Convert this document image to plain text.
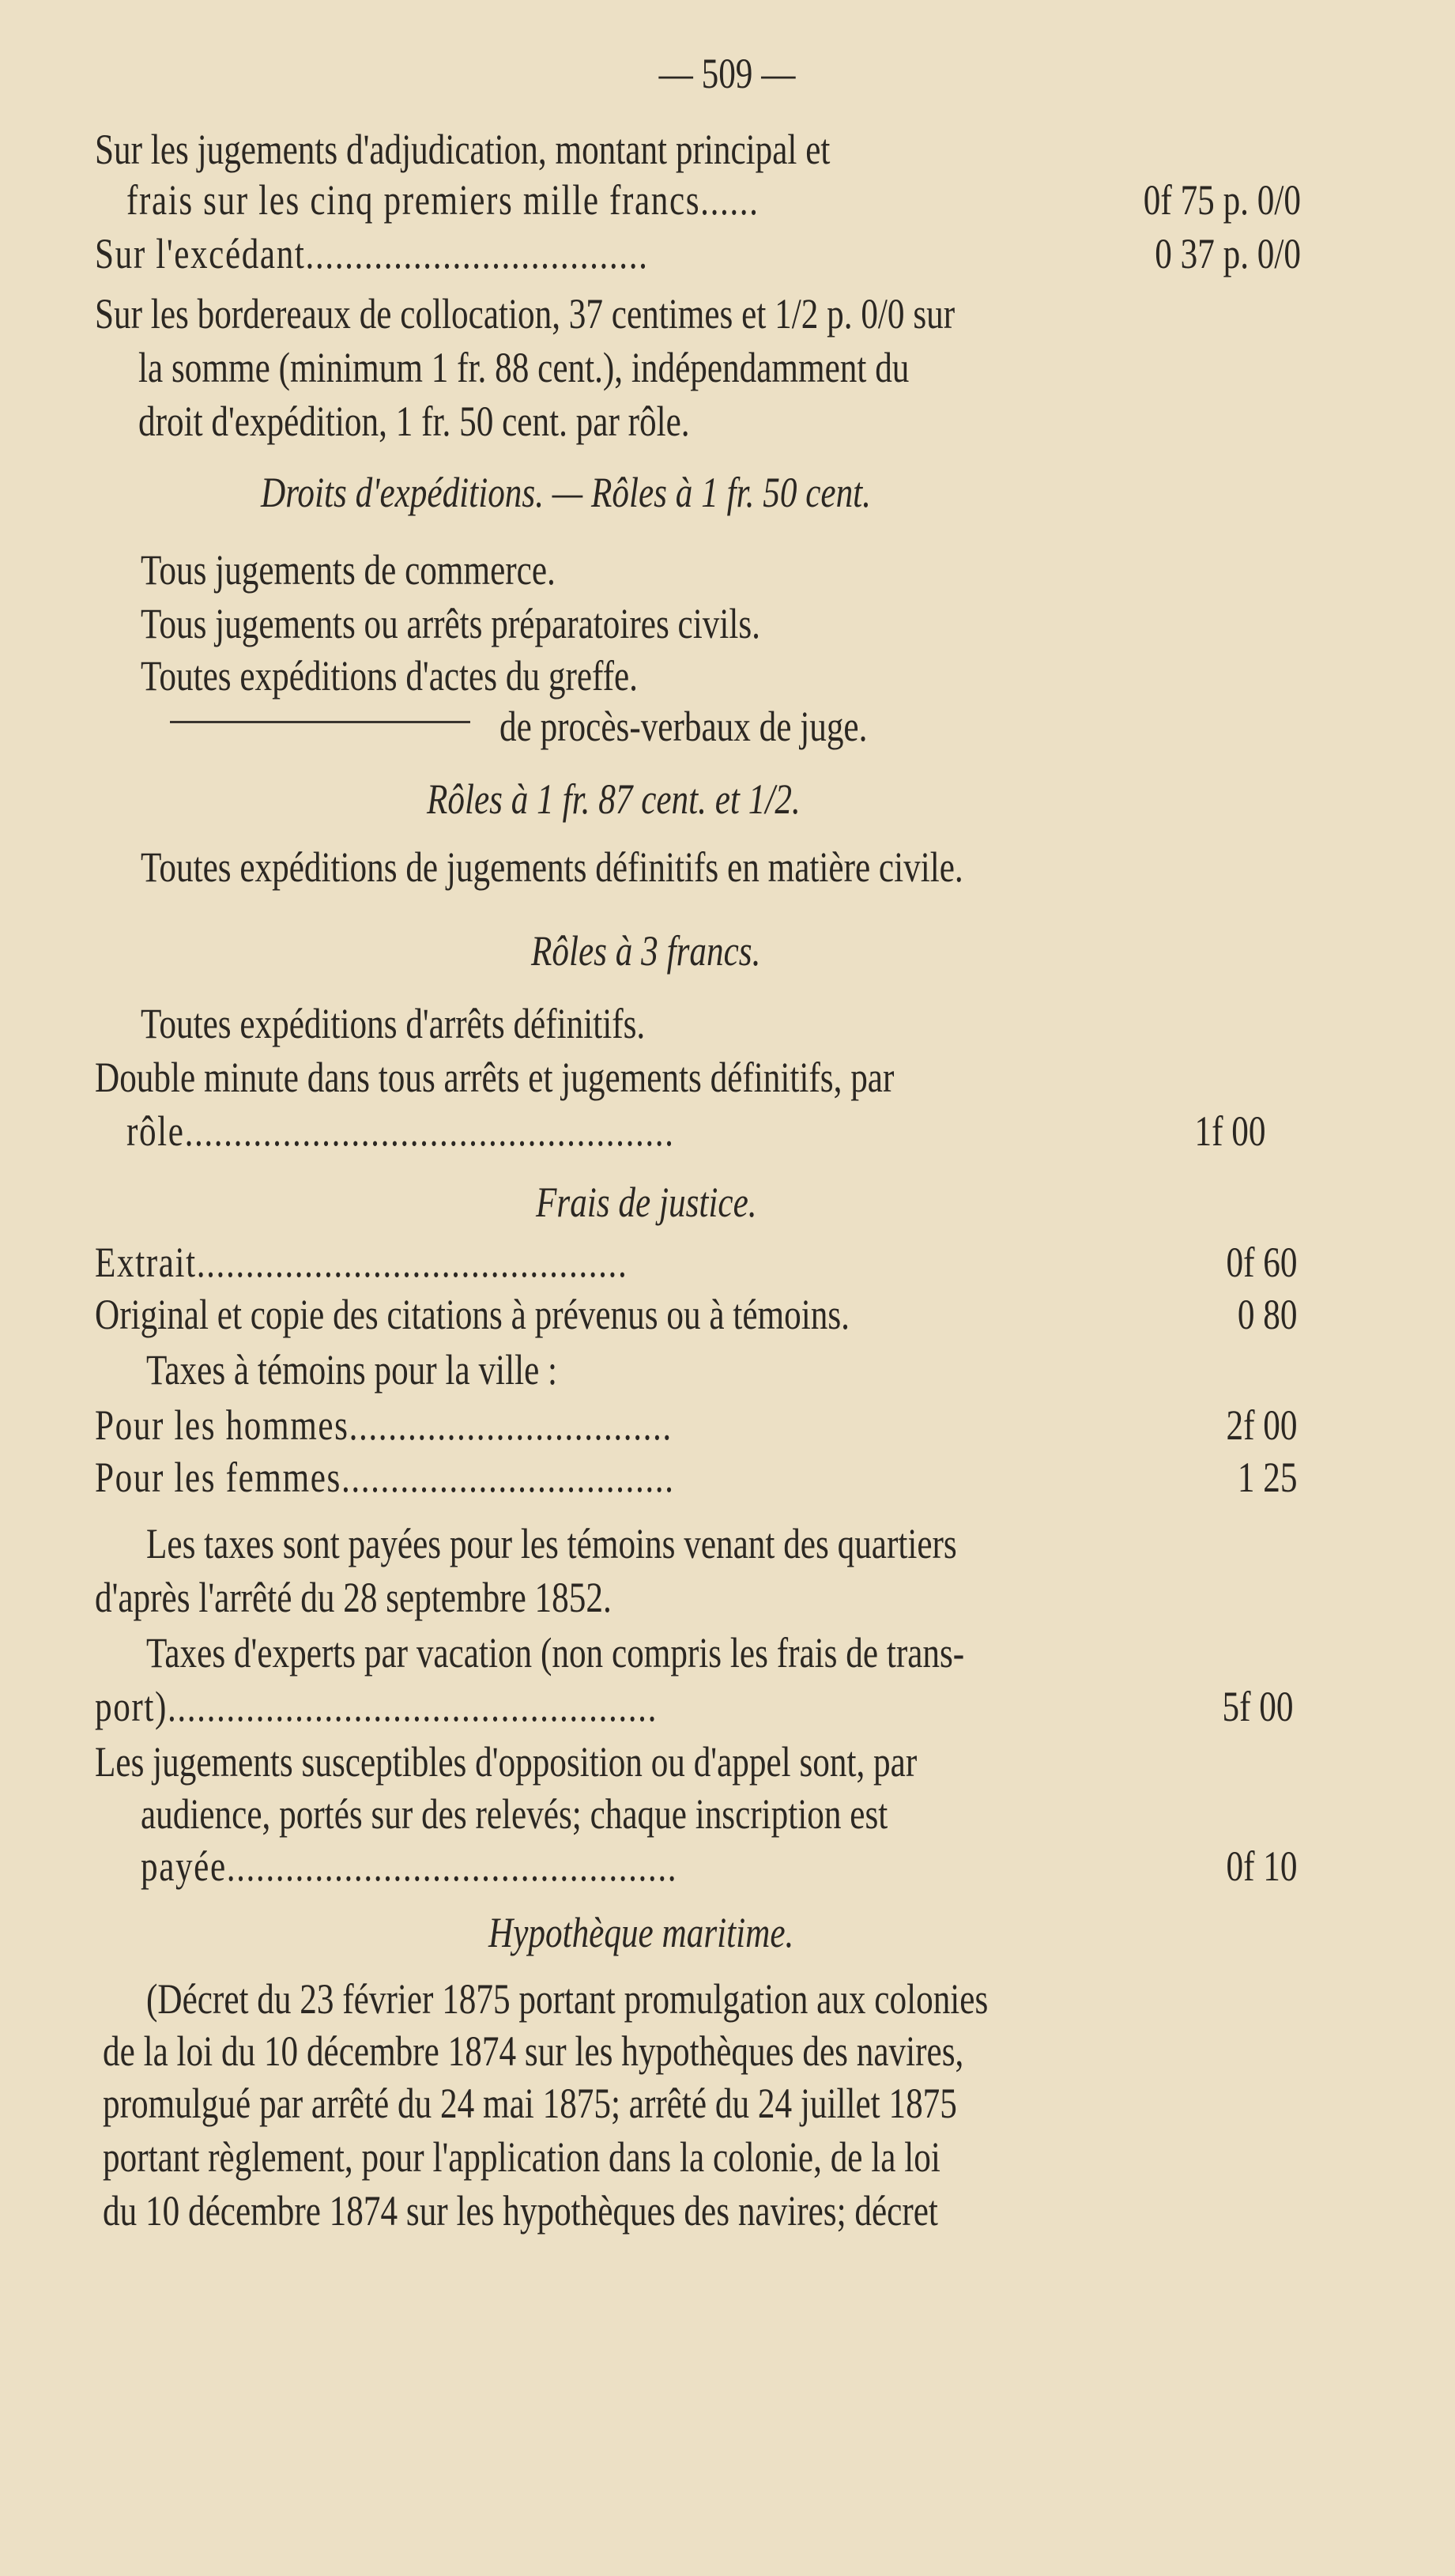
— 509 —
Sur les jugements d'adjudication, montant principal et
frais sur les cinq premiers mille francs......	0f 75 p. 0/0
Sur l'excédant...................................	0 37 p. 0/0
Sur les bordereaux de collocation, 37 centimes et 1/2 p. 0/0 sur
la somme (minimum 1 fr. 88 cent.), indépendamment du
droit d'expédition, 1 fr. 50 cent. par rôle.
Droits d'expéditions. — Rôles à 1 fr. 50 cent.
Tous jugements de commerce.
Tous jugements ou arrêts préparatoires civils.
Toutes expéditions d'actes du greffe.
de procès-verbaux de juge.
Rôles à 1 fr. 87 cent. et 1/2.
Toutes expéditions de jugements définitifs en matière civile.
Rôles à 3 francs.
Toutes expéditions d'arrêts définitifs.
Double minute dans tous arrêts et jugements définitifs, par
rôle..................................................	1f 00
Frais de justice.
Extrait............................................	0f 60
Original et copie des citations à prévenus ou à témoins.	0 80
Taxes à témoins pour la ville :
Pour les hommes.................................	2f 00
Pour les femmes..................................	1 25
Les taxes sont payées pour les témoins venant des quartiers
d'après l'arrêté du 28 septembre 1852.
Taxes d'experts par vacation (non compris les frais de trans-
port)..................................................	5f 00
Les jugements susceptibles d'opposition ou d'appel sont, par
audience, portés sur des relevés; chaque inscription est
payée..............................................	0f 10
Hypothèque maritime.
(Décret du 23 février 1875 portant promulgation aux colonies
de la loi du 10 décembre 1874 sur les hypothèques des navires,
promulgué par arrêté du 24 mai 1875; arrêté du 24 juillet 1875
portant règlement, pour l'application dans la colonie, de la loi
du 10 décembre 1874 sur les hypothèques des navires; décret
